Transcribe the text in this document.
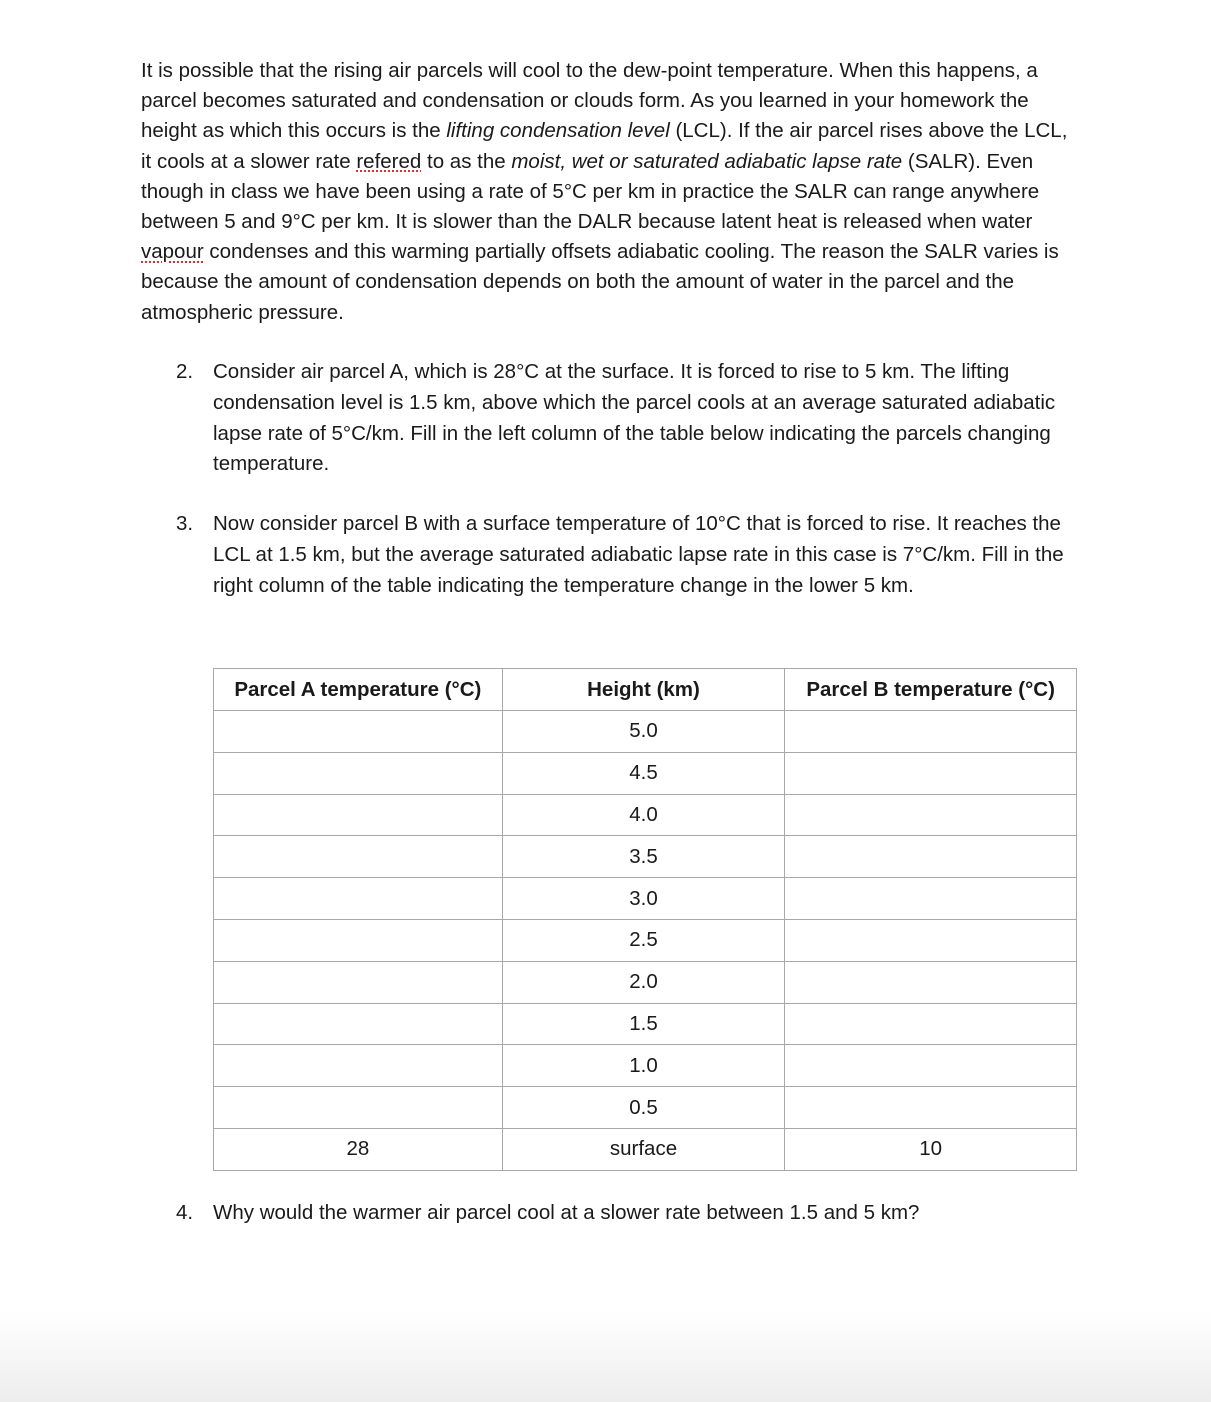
It is possible that the rising air parcels will cool to the dew-point temperature. When this happens, a parcel becomes saturated and condensation or clouds form. As you learned in your homework the height as which this occurs is the lifting condensation level (LCL). If the air parcel rises above the LCL, it cools at a slower rate refered to as the moist, wet or saturated adiabatic lapse rate (SALR). Even though in class we have been using a rate of 5°C per km in practice the SALR can range anywhere between 5 and 9°C per km. It is slower than the DALR because latent heat is released when water vapour condenses and this warming partially offsets adiabatic cooling. The reason the SALR varies is because the amount of condensation depends on both the amount of water in the parcel and the atmospheric pressure.

2. Consider air parcel A, which is 28°C at the surface. It is forced to rise to 5 km. The lifting condensation level is 1.5 km, above which the parcel cools at an average saturated adiabatic lapse rate of 5°C/km. Fill in the left column of the table below indicating the parcels changing temperature.
3. Now consider parcel B with a surface temperature of 10°C that is forced to rise. It reaches the LCL at 1.5 km, but the average saturated adiabatic lapse rate in this case is 7°C/km. Fill in the right column of the table indicating the temperature change in the lower 5 km.
Parcel A temperature (°C)	Height (km)	Parcel B temperature (°C)
	5.0	
	4.5	
	4.0	
	3.5	
	3.0	
	2.5	
	2.0	
	1.5	
	1.0	
	0.5	
28	surface	10
4. Why would the warmer air parcel cool at a slower rate between 1.5 and 5 km?
